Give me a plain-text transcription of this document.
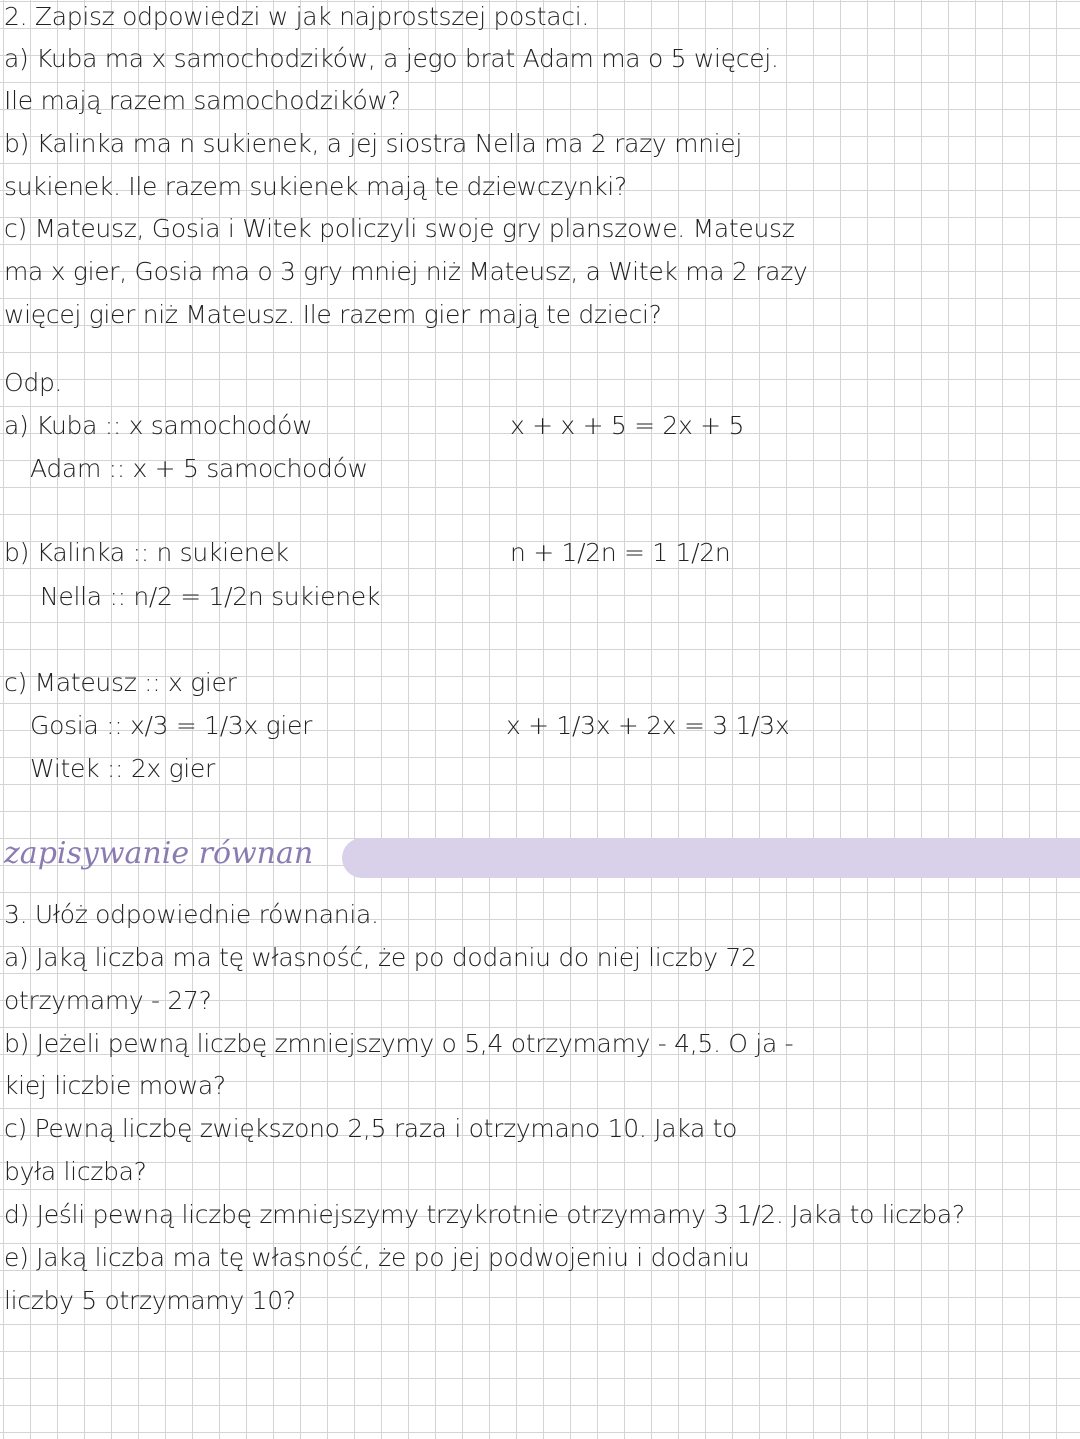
2. Zapisz odpowiedzi w jak najprostszej postaci.
a) Kuba ma x samochodzików, a jego brat Adam ma o 5 więcej.
Ile mają razem samochodzików?
b) Kalinka ma n sukienek, a jej siostra Nella ma 2 razy mniej
sukienek. Ile razem sukienek mają te dziewczynki?
c) Mateusz, Gosia i Witek policzyli swoje gry planszowe. Mateusz
ma x gier, Gosia ma o 3 gry mniej niż Mateusz, a Witek ma 2 razy
więcej gier niż Mateusz. Ile razem gier mają te dzieci?
Odp.
a) Kuba :: x samochodów
Adam :: x + 5 samochodów
x + x + 5 = 2x + 5
b) Kalinka :: n sukienek
Nella :: n/2 = 1/2n sukienek
n + 1/2n = 1 1/2n
c) Mateusz :: x gier
Gosia :: x/3 = 1/3x gier
Witek :: 2x gier
x + 1/3x + 2x = 3 1/3x
zapisywanie równan
3. Ułóż odpowiednie równania.
a) Jaką liczba ma tę własność, że po dodaniu do niej liczby 72
otrzymamy - 27?
b) Jeżeli pewną liczbę zmniejszymy o 5,4 otrzymamy - 4,5. O ja -
kiej liczbie mowa?
c) Pewną liczbę zwiększono 2,5 raza i otrzymano 10. Jaka to
była liczba?
d) Jeśli pewną liczbę zmniejszymy trzykrotnie otrzymamy 3 1/2. Jaka to liczba?
e) Jaką liczba ma tę własność, że po jej podwojeniu i dodaniu
liczby 5 otrzymamy 10?
